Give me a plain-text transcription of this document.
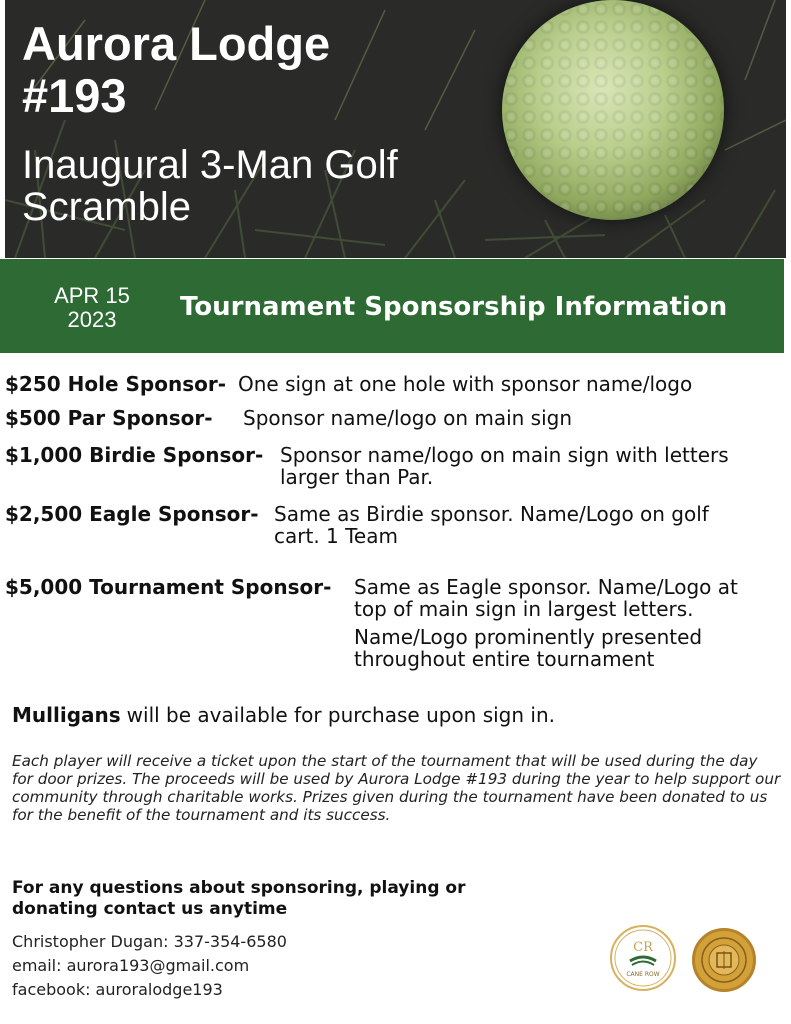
Aurora Lodge
#193
Inaugural 3-Man Golf
Scramble
APR 15
2023	Tournament Sponsorship Information
$250 Hole Sponsor- One sign at one hole with sponsor name/logo
$500 Par Sponsor- Sponsor name/logo on main sign
$1,000 Birdie Sponsor- Sponsor name/logo on main sign with letters
larger than Par.
$2,500 Eagle Sponsor- Same as Birdie sponsor. Name/Logo on golf
cart. 1 Team
$5,000 Tournament Sponsor- Same as Eagle sponsor. Name/Logo at
top of main sign in largest letters.
Name/Logo prominently presented
throughout entire tournament
Mulligans will be available for purchase upon sign in.
Each player will receive a ticket upon the start of the tournament that will be used during the day for door prizes. The proceeds will be used by Aurora Lodge #193 during the year to help support our community through charitable works. Prizes given during the tournament have been donated to us for the benefit of the tournament and its success.
For any questions about sponsoring, playing or donating contact us anytime
Christopher Dugan: 337-354-6580
email: aurora193@gmail.com
facebook: auroralodge193
CR
CANE ROW
